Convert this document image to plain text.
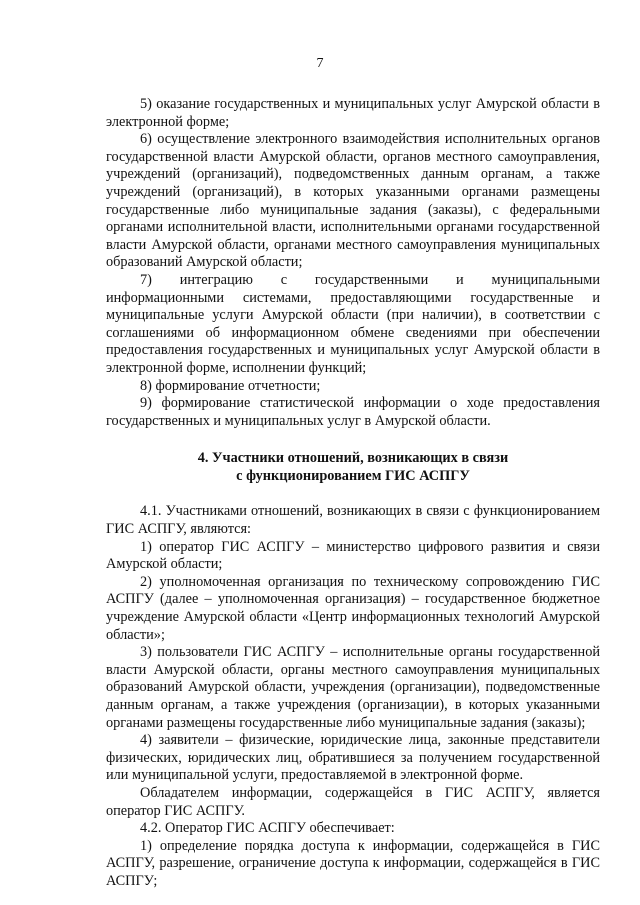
7

5) оказание государственных и муниципальных услуг Амурской области в электронной форме;

6) осуществление электронного взаимодействия исполнительных органов государственной власти Амурской области, органов местного самоуправления, учреждений (организаций), подведомственных данным органам, а также учреждений (организаций), в которых указанными органами размещены государственные либо муниципальные задания (заказы), с федеральными органами исполнительной власти, исполнительными органами государственной власти Амурской области, органами местного самоуправления муниципальных образований Амурской области;

7) интеграцию с государственными и муниципальными информационными системами, предоставляющими государственные и муниципальные услуги Амурской области (при наличии), в соответствии с соглашениями об информационном обмене сведениями при обеспечении предоставления государственных и муниципальных услуг Амурской области в электронной форме, исполнении функций;

8) формирование отчетности;

9) формирование статистической информации о ходе предоставления государственных и муниципальных услуг в Амурской области.

4. Участники отношений, возникающих в связи
с функционированием ГИС АСПГУ

4.1. Участниками отношений, возникающих в связи с функционированием ГИС АСПГУ, являются:

1) оператор ГИС АСПГУ – министерство цифрового развития и связи Амурской области;

2) уполномоченная организация по техническому сопровождению ГИС АСПГУ (далее – уполномоченная организация) – государственное бюджетное учреждение Амурской области «Центр информационных технологий Амурской области»;

3) пользователи ГИС АСПГУ – исполнительные органы государственной власти Амурской области, органы местного самоуправления муниципальных образований Амурской области, учреждения (организации), подведомственные данным органам, а также учреждения (организации), в которых указанными органами размещены государственные либо муниципальные задания (заказы);

4) заявители – физические, юридические лица, законные представители физических, юридических лиц, обратившиеся за получением государственной или муниципальной услуги, предоставляемой в электронной форме.

Обладателем информации, содержащейся в ГИС АСПГУ, является оператор ГИС АСПГУ.

4.2. Оператор ГИС АСПГУ обеспечивает:

1) определение порядка доступа к информации, содержащейся в ГИС АСПГУ, разрешение, ограничение доступа к информации, содержащейся в ГИС АСПГУ;
